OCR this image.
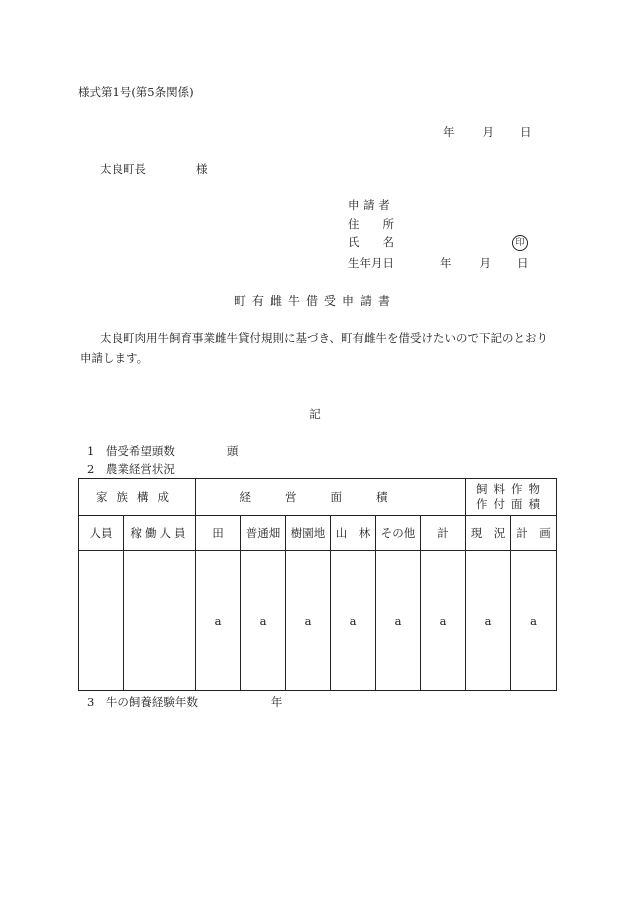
様式第1号(第5条関係)
年 月 日
太良町長	様
申 請 者
住　　所
氏　　名	印
生年月日	年 月 日
町有雌牛借受申請書
太良町肉用牛飼育事業雌牛貸付規則に基づき、町有雌牛を借受けたいので下記のとおり申請します。
記
1　 借受希望頭数	頭
2　 農業経営状況
家族構成		経営面積						飼料作物
作付面積	

人員	稼働人員	田	普通畑	樹園地	山　林	その他	計	現　況	計　画
		a	a	a	a	a	a	a	a
3　 牛の飼養経験年数	年
